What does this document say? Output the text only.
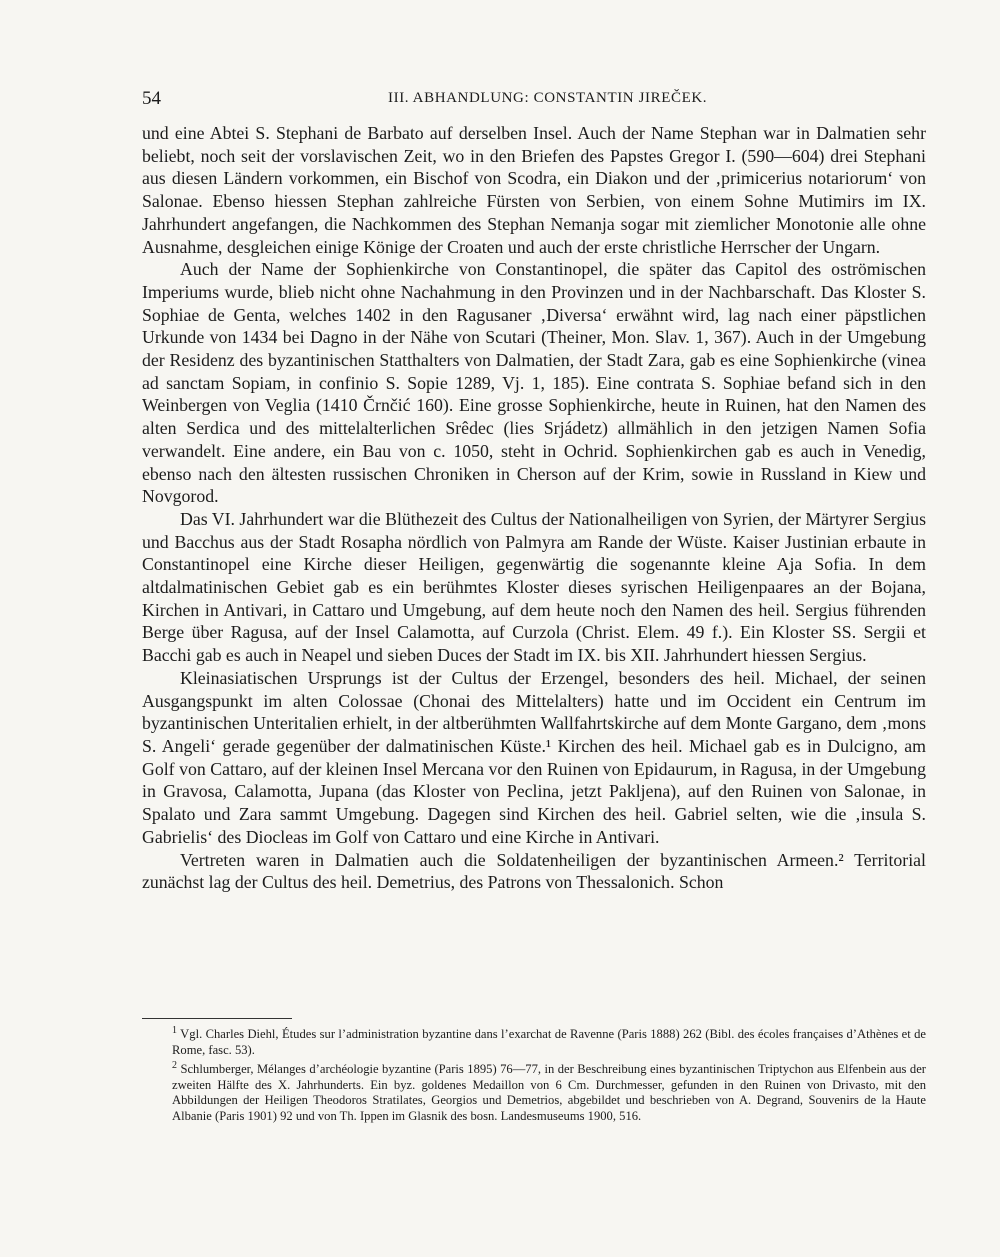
54	III. ABHANDLUNG: CONSTANTIN JIREČEK.

und eine Abtei S. Stephani de Barbato auf derselben Insel. Auch der Name Stephan war in Dalmatien sehr beliebt, noch seit der vorslavischen Zeit, wo in den Briefen des Papstes Gregor I. (590—604) drei Stephani aus diesen Ländern vorkommen, ein Bischof von Scodra, ein Diakon und der ‚primicerius notariorum‘ von Salonae. Ebenso hiessen Stephan zahlreiche Fürsten von Serbien, von einem Sohne Mutimirs im IX. Jahrhundert angefangen, die Nachkommen des Stephan Nemanja sogar mit ziemlicher Monotonie alle ohne Ausnahme, desgleichen einige Könige der Croaten und auch der erste christliche Herrscher der Ungarn.

Auch der Name der Sophienkirche von Constantinopel, die später das Capitol des oströmischen Imperiums wurde, blieb nicht ohne Nachahmung in den Provinzen und in der Nachbarschaft. Das Kloster S. Sophiae de Genta, welches 1402 in den Ragusaner ‚Diversa‘ erwähnt wird, lag nach einer päpstlichen Urkunde von 1434 bei Dagno in der Nähe von Scutari (Theiner, Mon. Slav. 1, 367). Auch in der Umgebung der Residenz des byzantinischen Statthalters von Dalmatien, der Stadt Zara, gab es eine Sophienkirche (vinea ad sanctam Sopiam, in confinio S. Sopie 1289, Vj. 1, 185). Eine contrata S. Sophiae befand sich in den Weinbergen von Veglia (1410 Črnčić 160). Eine grosse Sophienkirche, heute in Ruinen, hat den Namen des alten Serdica und des mittelalterlichen Srêdec (lies Srjádetz) allmählich in den jetzigen Namen Sofia verwandelt. Eine andere, ein Bau von c. 1050, steht in Ochrid. Sophienkirchen gab es auch in Venedig, ebenso nach den ältesten russischen Chroniken in Cherson auf der Krim, sowie in Russland in Kiew und Novgorod.

Das VI. Jahrhundert war die Blüthezeit des Cultus der Nationalheiligen von Syrien, der Märtyrer Sergius und Bacchus aus der Stadt Rosapha nördlich von Palmyra am Rande der Wüste. Kaiser Justinian erbaute in Constantinopel eine Kirche dieser Heiligen, gegenwärtig die sogenannte kleine Aja Sofia. In dem altdalmatinischen Gebiet gab es ein berühmtes Kloster dieses syrischen Heiligenpaares an der Bojana, Kirchen in Antivari, in Cattaro und Umgebung, auf dem heute noch den Namen des heil. Sergius führenden Berge über Ragusa, auf der Insel Calamotta, auf Curzola (Christ. Elem. 49 f.). Ein Kloster SS. Sergii et Bacchi gab es auch in Neapel und sieben Duces der Stadt im IX. bis XII. Jahrhundert hiessen Sergius.

Kleinasiatischen Ursprungs ist der Cultus der Erzengel, besonders des heil. Michael, der seinen Ausgangspunkt im alten Colossae (Chonai des Mittelalters) hatte und im Occident ein Centrum im byzantinischen Unteritalien erhielt, in der altberühmten Wallfahrtskirche auf dem Monte Gargano, dem ‚mons S. Angeli‘ gerade gegenüber der dalmatinischen Küste.¹ Kirchen des heil. Michael gab es in Dulcigno, am Golf von Cattaro, auf der kleinen Insel Mercana vor den Ruinen von Epidaurum, in Ragusa, in der Umgebung in Gravosa, Calamotta, Jupana (das Kloster von Peclina, jetzt Pakljena), auf den Ruinen von Salonae, in Spalato und Zara sammt Umgebung. Dagegen sind Kirchen des heil. Gabriel selten, wie die ‚insula S. Gabrielis‘ des Diocleas im Golf von Cattaro und eine Kirche in Antivari.

Vertreten waren in Dalmatien auch die Soldatenheiligen der byzantinischen Armeen.² Territorial zunächst lag der Cultus des heil. Demetrius, des Patrons von Thessalonich. Schon

$^1$ Vgl. Charles Diehl, Études sur l’administration byzantine dans l’exarchat de Ravenne (Paris 1888) 262 (Bibl. des écoles françaises d’Athènes et de Rome, fasc. 53).

$^2$ Schlumberger, Mélanges d’archéologie byzantine (Paris 1895) 76—77, in der Beschreibung eines byzantinischen Triptychon aus Elfenbein aus der zweiten Hälfte des X. Jahrhunderts. Ein byz. goldenes Medaillon von 6 Cm. Durchmesser, gefunden in den Ruinen von Drivasto, mit den Abbildungen der Heiligen Theodoros Stratilates, Georgios und Demetrios, abgebildet und beschrieben von A. Degrand, Souvenirs de la Haute Albanie (Paris 1901) 92 und von Th. Ippen im Glasnik des bosn. Landesmuseums 1900, 516.
